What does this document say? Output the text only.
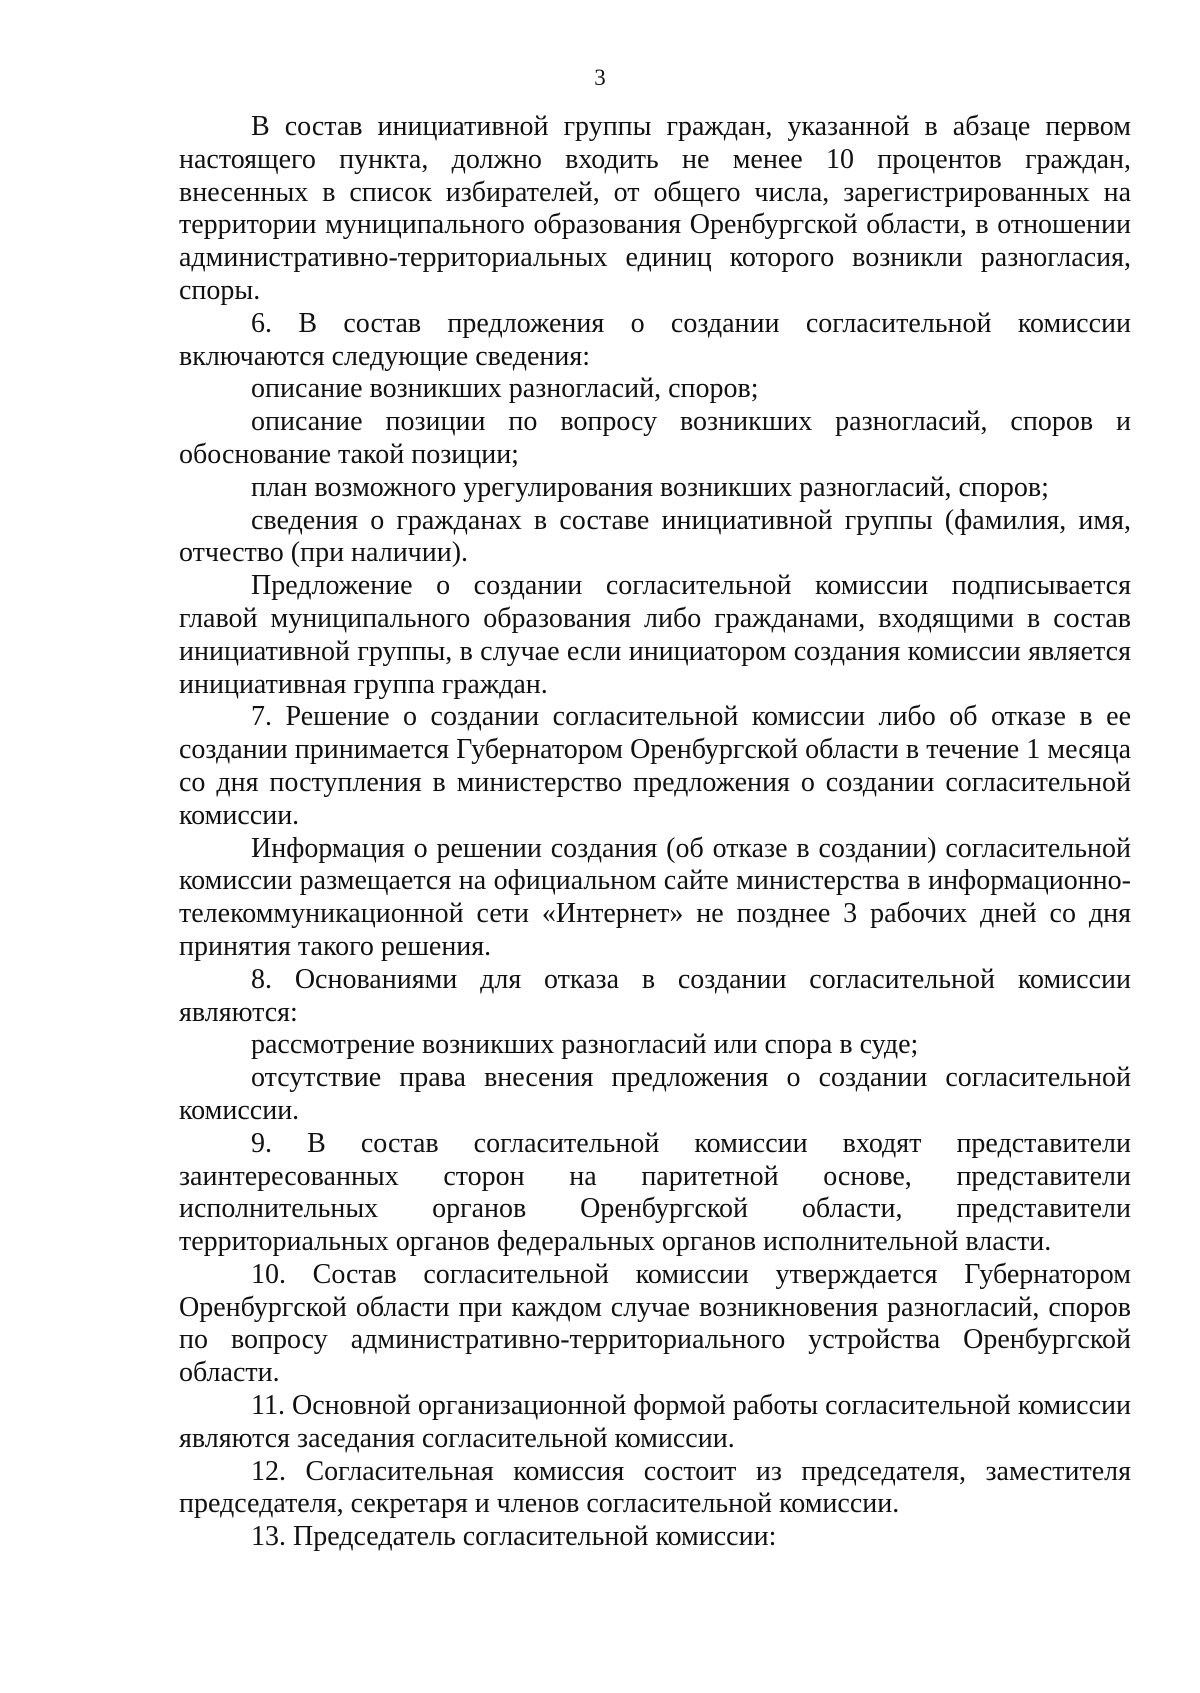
3

В состав инициативной группы граждан, указанной в абзаце первом настоящего пункта, должно входить не менее 10 процентов граждан, внесенных в список избирателей, от общего числа, зарегистрированных на территории муниципального образования Оренбургской области, в отношении административно-территориальных единиц которого возникли разногласия, споры.

6. В состав предложения о создании согласительной комиссии включаются следующие сведения:

описание возникших разногласий, споров;

описание позиции по вопросу возникших разногласий, споров и обоснование такой позиции;

план возможного урегулирования возникших разногласий, споров;

сведения о гражданах в составе инициативной группы (фамилия, имя, отчество (при наличии).

Предложение о создании согласительной комиссии подписывается главой муниципального образования либо гражданами, входящими в состав инициативной группы, в случае если инициатором создания комиссии является инициативная группа граждан.

7. Решение о создании согласительной комиссии либо об отказе в ее создании принимается Губернатором Оренбургской области в течение 1 месяца со дня поступления в министерство предложения о создании согласительной комиссии.

Информация о решении создания (об отказе в создании) согласительной комиссии размещается на официальном сайте министерства в информационно-телекоммуникационной сети «Интернет» не позднее 3 рабочих дней со дня принятия такого решения.

8. Основаниями для отказа в создании согласительной комиссии являются:

рассмотрение возникших разногласий или спора в суде;

отсутствие права внесения предложения о создании согласительной комиссии.

9. В состав согласительной комиссии входят представители заинтересованных сторон на паритетной основе, представители исполнительных органов Оренбургской области, представители территориальных органов федеральных органов исполнительной власти.

10. Состав согласительной комиссии утверждается Губернатором Оренбургской области при каждом случае возникновения разногласий, споров по вопросу административно-территориального устройства Оренбургской области.

11. Основной организационной формой работы согласительной комиссии являются заседания согласительной комиссии.

12. Согласительная комиссия состоит из председателя, заместителя председателя, секретаря и членов согласительной комиссии.

13. Председатель согласительной комиссии:
